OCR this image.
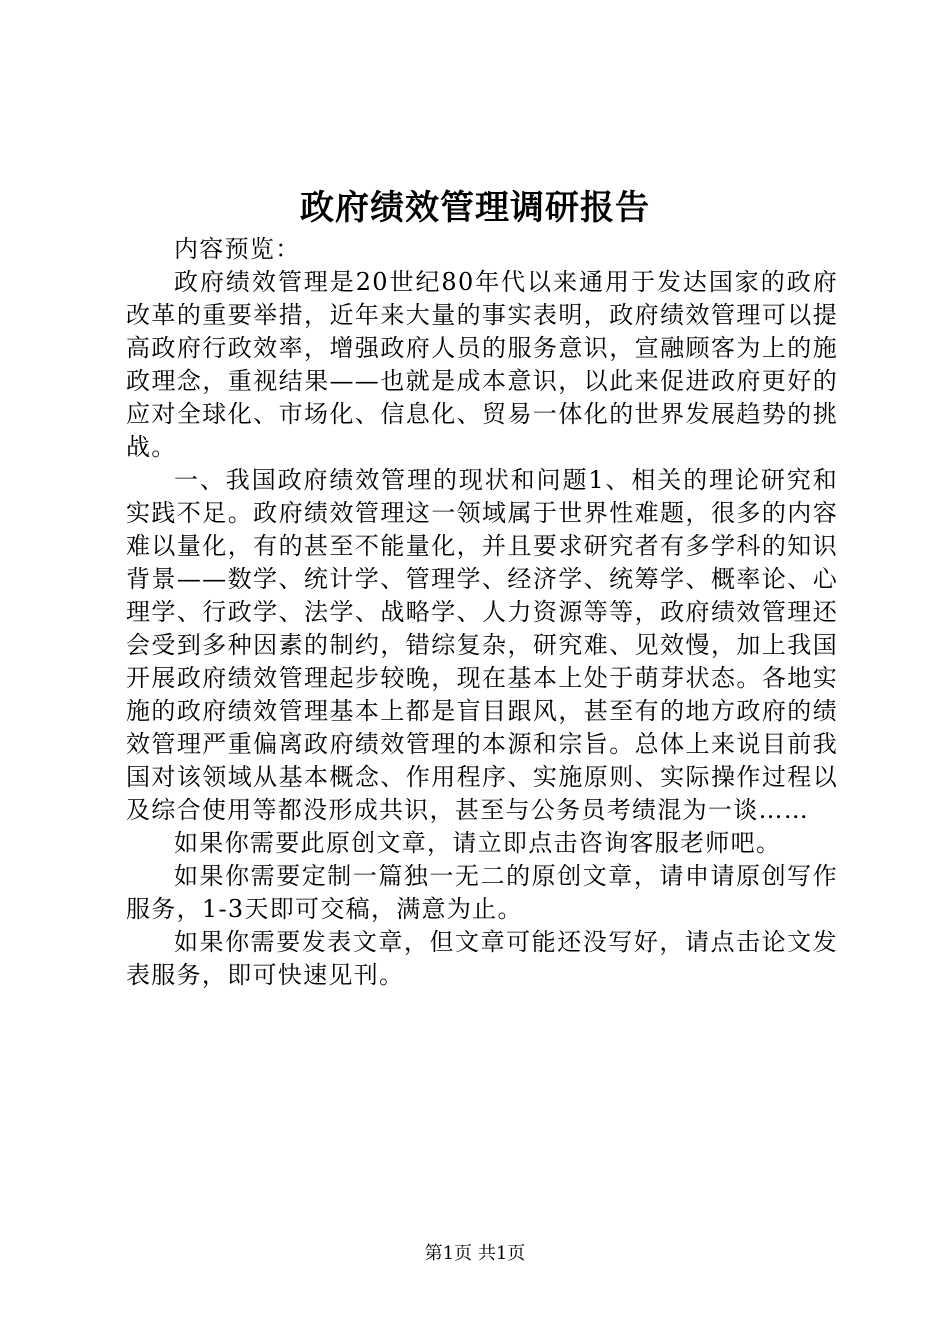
政府绩效管理调研报告

内容预览：

政府绩效管理是20世纪80年代以来通用于发达国家的政府改革的重要举措，近年来大量的事实表明，政府绩效管理可以提高政府行政效率，增强政府人员的服务意识，宣融顾客为上的施政理念，重视结果——也就是成本意识，以此来促进政府更好的应对全球化、市场化、信息化、贸易一体化的世界发展趋势的挑战。

一、我国政府绩效管理的现状和问题1、相关的理论研究和实践不足。政府绩效管理这一领域属于世界性难题，很多的内容难以量化，有的甚至不能量化，并且要求研究者有多学科的知识背景——数学、统计学、管理学、经济学、统筹学、概率论、心理学、行政学、法学、战略学、人力资源等等，政府绩效管理还会受到多种因素的制约，错综复杂，研究难、见效慢，加上我国开展政府绩效管理起步较晚，现在基本上处于萌芽状态。各地实施的政府绩效管理基本上都是盲目跟风，甚至有的地方政府的绩效管理严重偏离政府绩效管理的本源和宗旨。总体上来说目前我国对该领域从基本概念、作用程序、实施原则、实际操作过程以及综合使用等都没形成共识，甚至与公务员考绩混为一谈……

如果你需要此原创文章，请立即点击咨询客服老师吧。

如果你需要定制一篇独一无二的原创文章，请申请原创写作服务，1-3天即可交稿，满意为止。

如果你需要发表文章，但文章可能还没写好，请点击论文发表服务，即可快速见刊。

第1页 共1页
